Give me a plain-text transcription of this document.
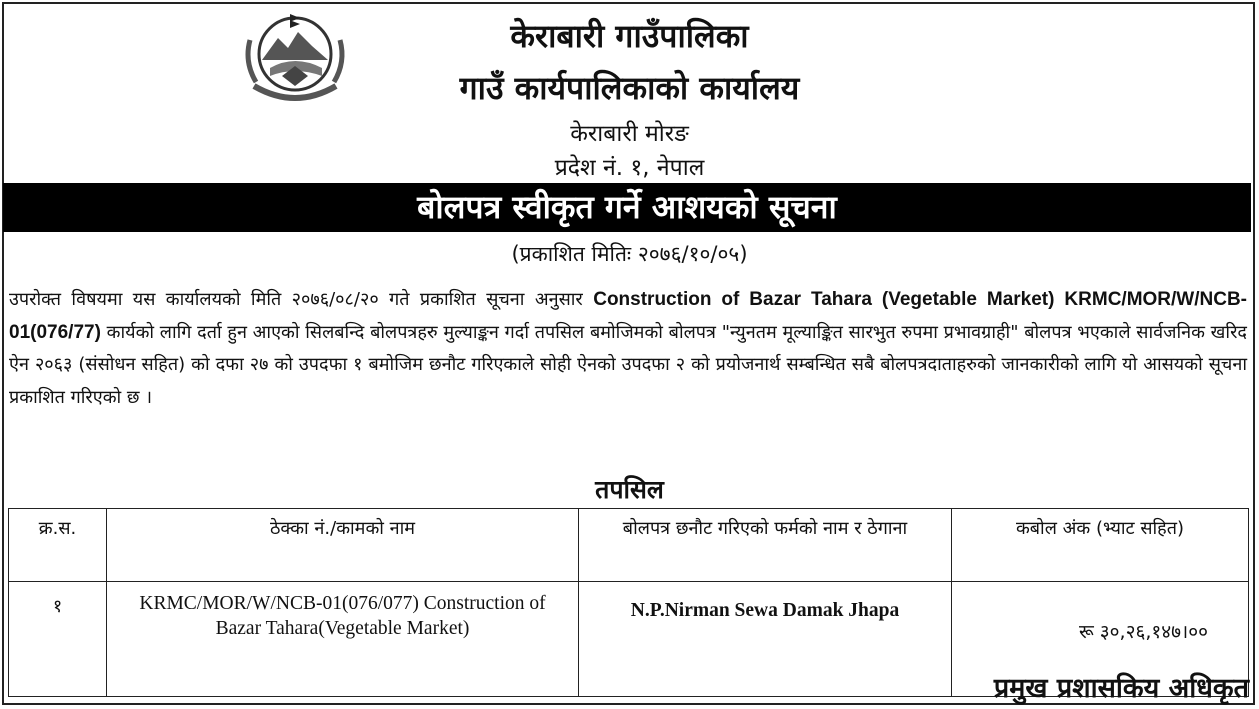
केराबारी गाउँपालिका
गाउँ कार्यपालिकाको कार्यालय
केराबारी मोरङ
प्रदेश नं. १, नेपाल
बोलपत्र स्वीकृत गर्ने आशयको सूचना
(प्रकाशित मितिः २०७६/१०/०५)
उपरोक्त विषयमा यस कार्यालयको मिति २०७६/०८/२० गते प्रकाशित सूचना अनुसार Construction of Bazar Tahara (Vegetable Market) KRMC/MOR/W/NCB-01(076/77) कार्यको लागि दर्ता हुन आएको सिलबन्दि बोलपत्रहरु मुल्याङ्कन गर्दा तपसिल बमोजिमको बोलपत्र "न्युनतम मूल्याङ्कित सारभुत रुपमा प्रभावग्राही" बोलपत्र भएकाले सार्वजनिक खरिद ऐन २०६३ (संसोधन सहित) को दफा २७ को उपदफा १ बमोजिम छनौट गरिएकाले सोही ऐनको उपदफा २ को प्रयोजनार्थ सम्बन्धित सबै बोलपत्रदाताहरुको जानकारीको लागि यो आसयको सूचना प्रकाशित गरिएको छ ।
तपसिल
क्र.स.	ठेक्का नं./कामको नाम	बोलपत्र छनौट गरिएको फर्मको नाम र ठेगाना	कबोल अंक (भ्याट सहित)
१	KRMC/MOR/W/NCB-01(076/077) Construction of Bazar Tahara(Vegetable Market)	N.P.Nirman Sewa Damak Jhapa	रू ३०,२६,१४७।००
प्रमुख प्रशासकिय अधिकृत
